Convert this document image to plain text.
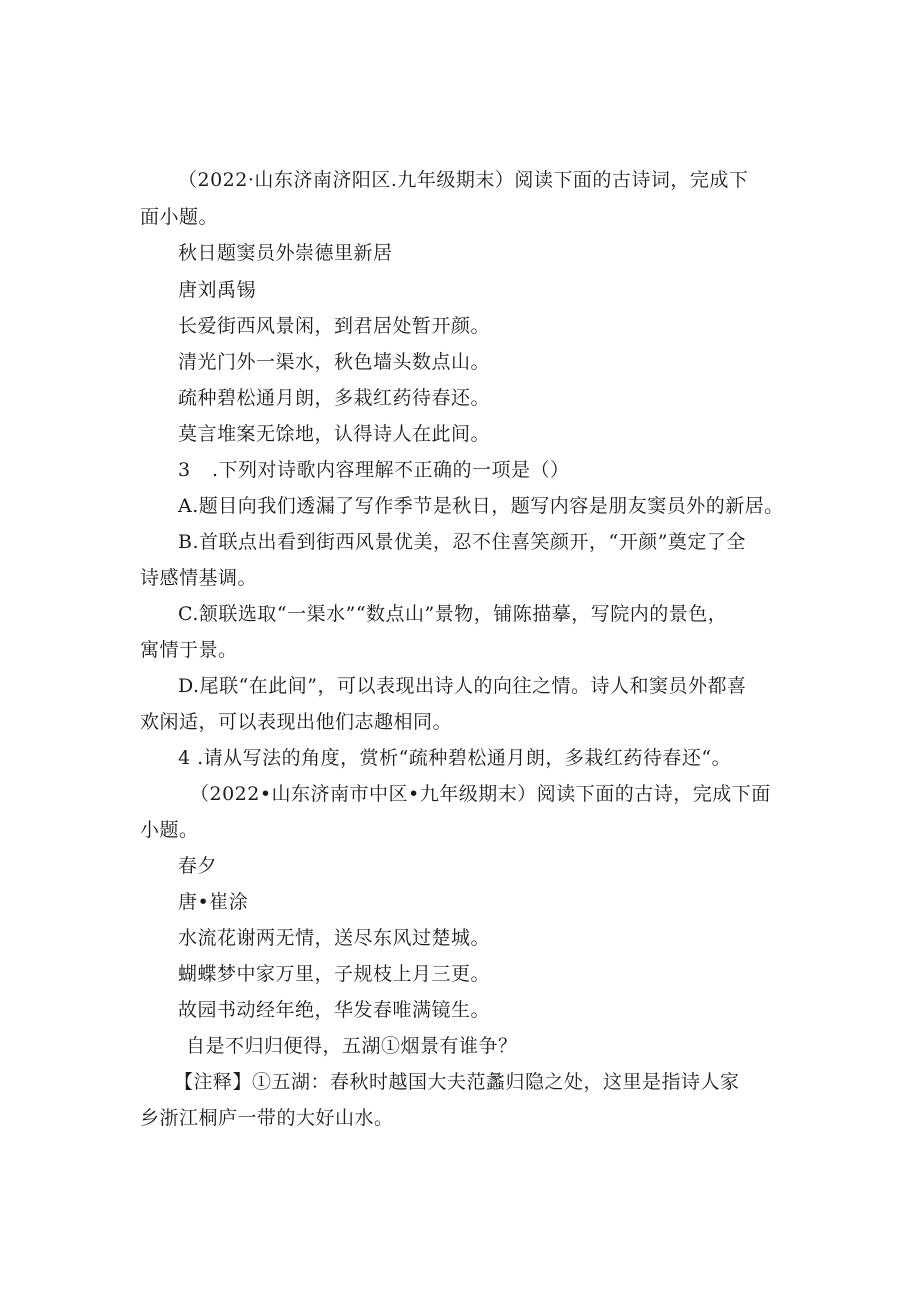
（2022·山东济南济阳区.九年级期末）阅读下面的古诗词，完成下
面小题。
秋日题窦员外崇德里新居
唐刘禹锡
长爱街西风景闲，到君居处暂开颜。
清光门外一渠水，秋色墙头数点山。
疏种碧松通月朗，多栽红药待春还。
莫言堆案无馀地，认得诗人在此间。
3 .下列对诗歌内容理解不正确的一项是（）
A.题目向我们透漏了写作季节是秋日，题写内容是朋友窦员外的新居。
B.首联点出看到街西风景优美，忍不住喜笑颜开，“开颜”奠定了全
诗感情基调。
C.颔联选取“一渠水”“数点山”景物，铺陈描摹，写院内的景色，
寓情于景。
D.尾联“在此间”，可以表现出诗人的向往之情。诗人和窦员外都喜
欢闲适，可以表现出他们志趣相同。
4 .请从写法的角度，赏析“疏种碧松通月朗，多栽红药待春还“。
（2022•山东济南市中区•九年级期末）阅读下面的古诗，完成下面
小题。
春夕
唐•崔涂
水流花谢两无情，送尽东风过楚城。
蝴蝶梦中家万里，子规枝上月三更。
故园书动经年绝，华发春唯满镜生。
自是不归归便得，五湖①烟景有谁争？
【注释】①五湖：春秋时越国大夫范蠡归隐之处，这里是指诗人家
乡浙江桐庐一带的大好山水。
